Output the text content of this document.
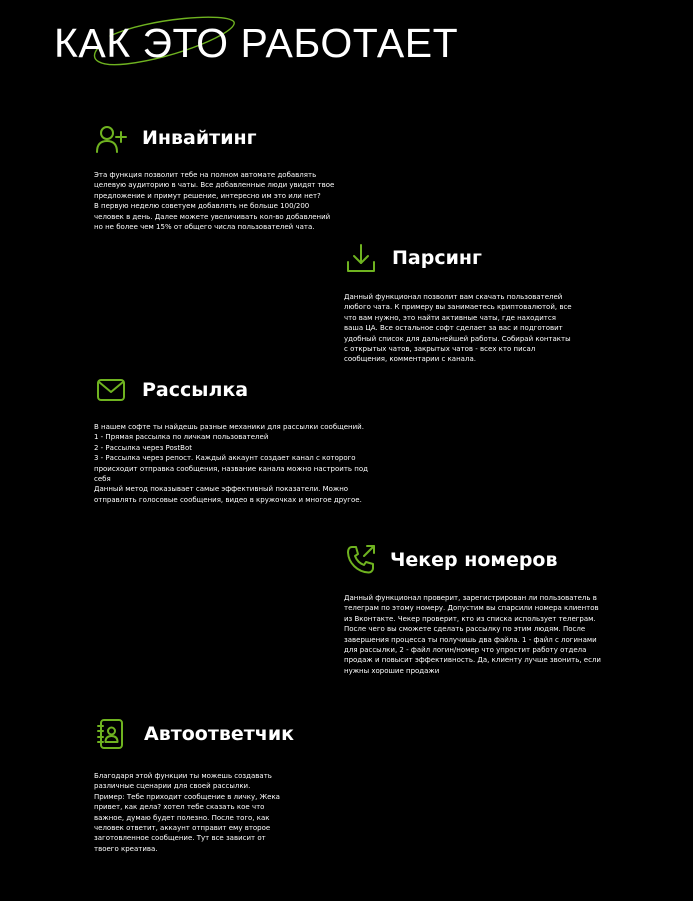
КАК ЭТО РАБОТАЕТ
Инвайтинг

Эта функция позволит тебе на полном автомате добавлять целевую аудиторию в чаты. Все добавленные люди увидят твое предложение и примут решение, интересно им это или нет?

В первую неделю советуем добавлять не больше 100/200 человек в день. Далее можете увеличивать кол-во добавлений но не более чем 15% от общего числа пользователей чата.

Парсинг

Данный функционал позволит вам скачать пользователей любого чата. К примеру вы занимаетесь криптовалютой, все что вам нужно, это найти активные чаты, где находится ваша ЦА. Все остальное софт сделает за вас и подготовит удобный список для дальнейшей работы. Собирай контакты с открытых чатов, закрытых чатов - всех кто писал сообщения, комментарии с канала.

Рассылка

В нашем софте ты найдешь разные механики для рассылки сообщений.

1 - Прямая рассылка по личкам пользователей

2 - Рассылка через PostBot

3 - Рассылка через репост. Каждый аккаунт создает канал с которого происходит отправка сообщения, название канала можно настроить под себя

Данный метод показывает самые эффективный показатели. Можно отправлять голосовые сообщения, видео в кружочках и многое другое.

Чекер номеров

Данный функционал проверит, зарегистрирован ли пользователь в телеграм по этому номеру. Допустим вы спарсили номера клиентов из Вконтакте. Чекер проверит, кто из списка использует телеграм. После чего вы сможете сделать рассылку по этим людям. После завершения процесса ты получишь два файла. 1 - файл с логинами для рассылки, 2 - файл логин/номер что упростит работу отдела продаж и повысит эффективность. Да, клиенту лучше звонить, если нужны хорошие продажи

Автоответчик

Благодаря этой функции ты можешь создавать различные сценарии для своей рассылки.

Пример: Тебе приходит сообщение в личку, Жека привет, как дела? хотел тебе сказать кое что важное, думаю будет полезно. После того, как человек ответит, аккаунт отправит ему второе заготовленное сообщение. Тут все зависит от твоего креатива.
